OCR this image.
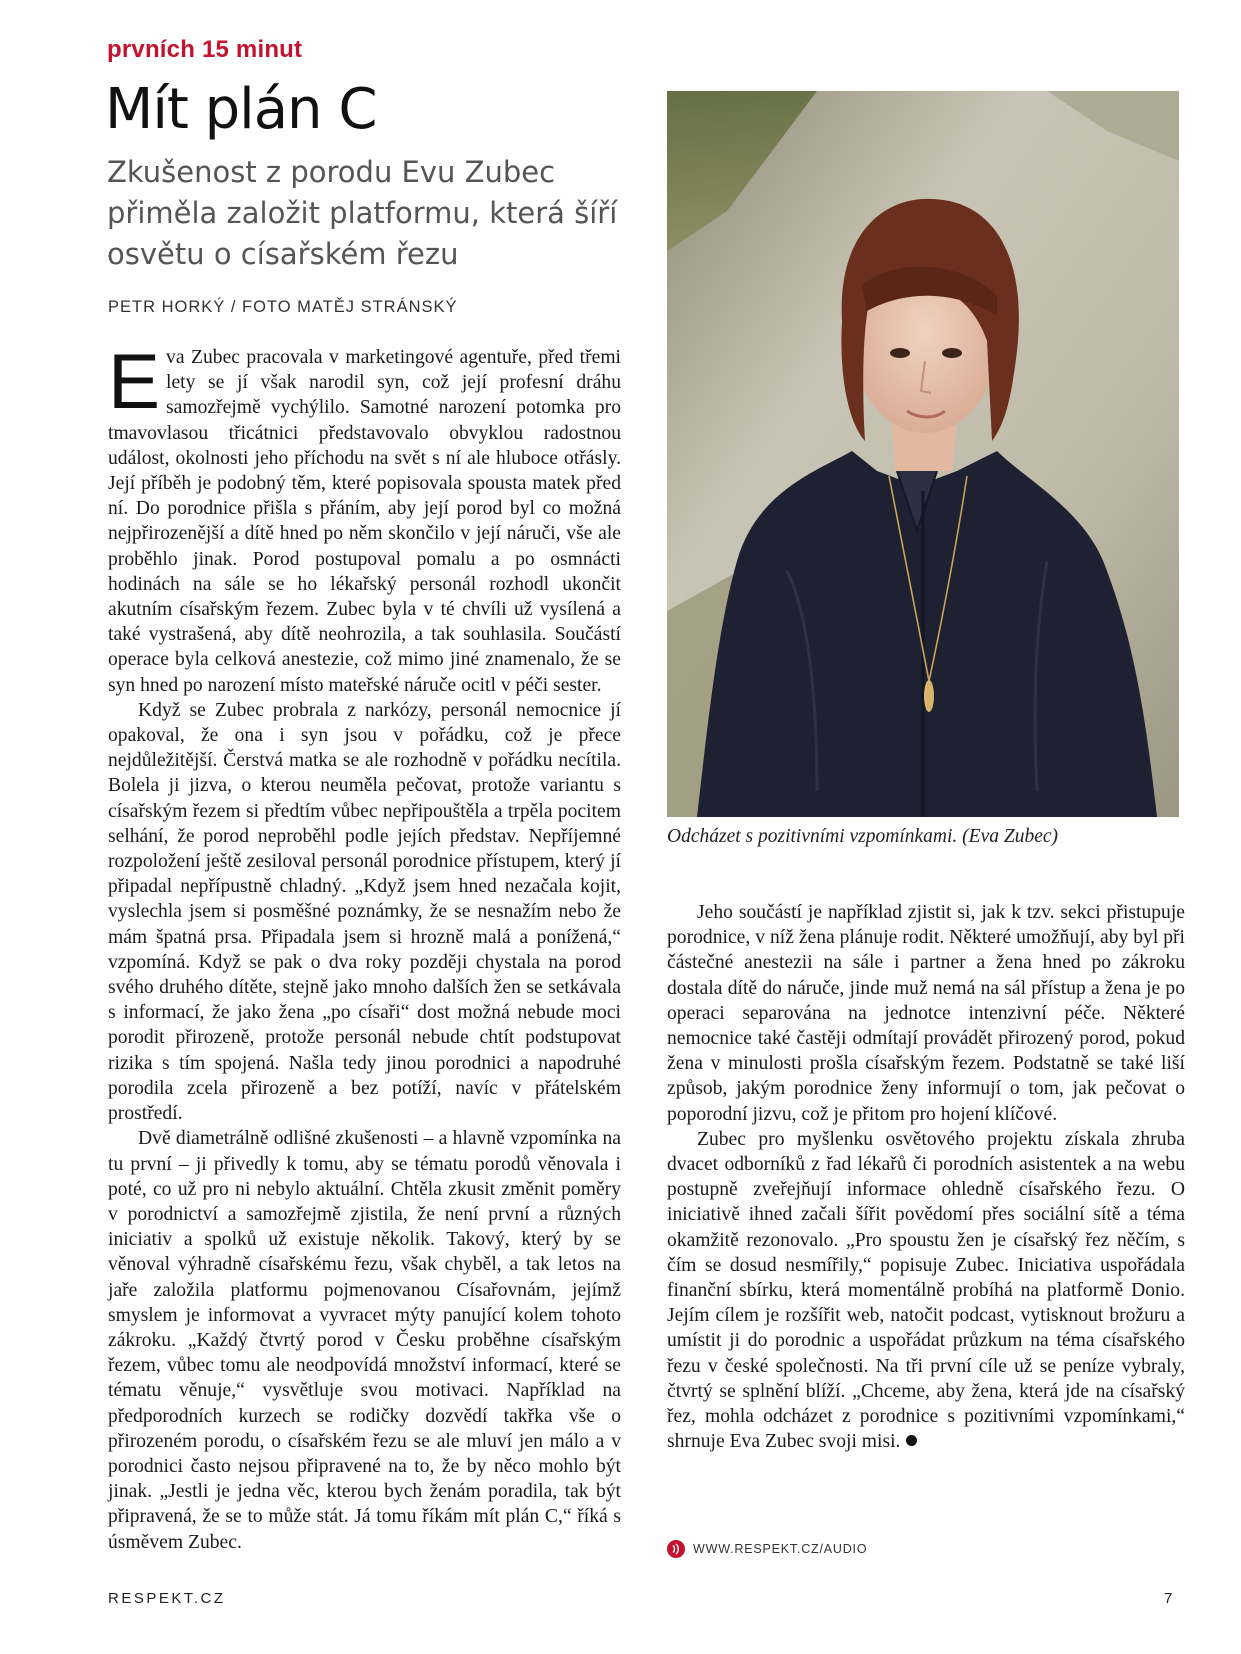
prvních 15 minut
Mít plán C
Zkušenost z porodu Evu Zubec přiměla založit platformu, která šíří osvětu o císařském řezu
PETR HORKÝ / FOTO MATĚJ STRÁNSKÝ

Eva Zubec pracovala v marketingové agentuře, před třemi lety se jí však narodil syn, což její profesní dráhu samozřejmě vychýlilo. Samotné narození potomka pro tmavovlasou třicátnici představovalo obvyklou radostnou událost, okolnosti jeho příchodu na svět s ní ale hluboce otřásly. Její příběh je podobný těm, které popisovala spousta matek před ní. Do porodnice přišla s přáním, aby její porod byl co možná nejpřirozenější a dítě hned po něm skončilo v její náruči, vše ale proběhlo jinak. Porod postupoval pomalu a po osmnácti hodinách na sále se ho lékařský personál rozhodl ukončit akutním císařským řezem. Zubec byla v té chvíli už vysílená a také vystrašená, aby dítě neohrozila, a tak souhlasila. Součástí operace byla celková anestezie, což mimo jiné znamenalo, že se syn hned po narození místo mateřské náruče ocitl v péči sester.

Když se Zubec probrala z narkózy, personál nemocnice jí opakoval, že ona i syn jsou v pořádku, což je přece nejdůležitější. Čerstvá matka se ale rozhodně v pořádku necítila. Bolela ji jizva, o kterou neuměla pečovat, protože variantu s císařským řezem si předtím vůbec nepřipouštěla a trpěla pocitem selhání, že porod neproběhl podle jejích představ. Nepříjemné rozpoložení ještě zesiloval personál porodnice přístupem, který jí připadal nepřípustně chladný. „Když jsem hned nezačala kojit, vyslechla jsem si posměšné poznámky, že se nesnažím nebo že mám špatná prsa. Připadala jsem si hrozně malá a ponížená,“ vzpomíná. Když se pak o dva roky později chystala na porod svého druhého dítěte, stejně jako mnoho dalších žen se setkávala s informací, že jako žena „po císaři“ dost možná nebude moci porodit přirozeně, protože personál nebude chtít podstupovat rizika s tím spojená. Našla tedy jinou porodnici a napodruhé porodila zcela přirozeně a bez potíží, navíc v přátelském prostředí.

Dvě diametrálně odlišné zkušenosti – a hlavně vzpomínka na tu první – ji přivedly k tomu, aby se tématu porodů věnovala i poté, co už pro ni nebylo aktuální. Chtěla zkusit změnit poměry v porodnictví a samozřejmě zjistila, že není první a různých iniciativ a spolků už existuje několik. Takový, který by se věnoval výhradně císařskému řezu, však chyběl, a tak letos na jaře založila platformu pojmenovanou Císařovnám, jejímž smyslem je informovat a vyvracet mýty panující kolem tohoto zákroku. „Každý čtvrtý porod v Česku proběhne císařským řezem, vůbec tomu ale neodpovídá množství informací, které se tématu věnuje,“ vysvětluje svou motivaci. Například na předporodních kurzech se rodičky dozvědí takřka vše o přirozeném porodu, o císařském řezu se ale mluví jen málo a v porodnici často nejsou připravené na to, že by něco mohlo být jinak. „Jestli je jedna věc, kterou bych ženám poradila, tak být připravená, že se to může stát. Já tomu říkám mít plán C,“ říká s úsměvem Zubec.

Odcházet s pozitivními vzpomínkami. (Eva Zubec)

Jeho součástí je například zjistit si, jak k tzv. sekci přistupuje porodnice, v níž žena plánuje rodit. Některé umožňují, aby byl při částečné anestezii na sále i partner a žena hned po zákroku dostala dítě do náruče, jinde muž nemá na sál přístup a žena je po operaci separována na jednotce intenzivní péče. Některé nemocnice také častěji odmítají provádět přirozený porod, pokud žena v minulosti prošla císařským řezem. Podstatně se také liší způsob, jakým porodnice ženy informují o tom, jak pečovat o poporodní jizvu, což je přitom pro hojení klíčové.

Zubec pro myšlenku osvětového projektu získala zhruba dvacet odborníků z řad lékařů či porodních asistentek a na webu postupně zveřejňují informace ohledně císařského řezu. O iniciativě ihned začali šířit povědomí přes sociální sítě a téma okamžitě rezonovalo. „Pro spoustu žen je císařský řez něčím, s čím se dosud nesmířily,“ popisuje Zubec. Iniciativa uspořádala finanční sbírku, která momentálně probíhá na platformě Donio. Jejím cílem je rozšířit web, natočit podcast, vytisknout brožuru a umístit ji do porodnic a uspořádat průzkum na téma císařského řezu v české společnosti. Na tři první cíle už se peníze vybraly, čtvrtý se splnění blíží. „Chceme, aby žena, která jde na císařský řez, mohla odcházet z porodnice s pozitivními vzpomínkami,“ shrnuje Eva Zubec svoji misi.

WWW.RESPEKT.CZ/AUDIO
RESPEKT.CZ	7
